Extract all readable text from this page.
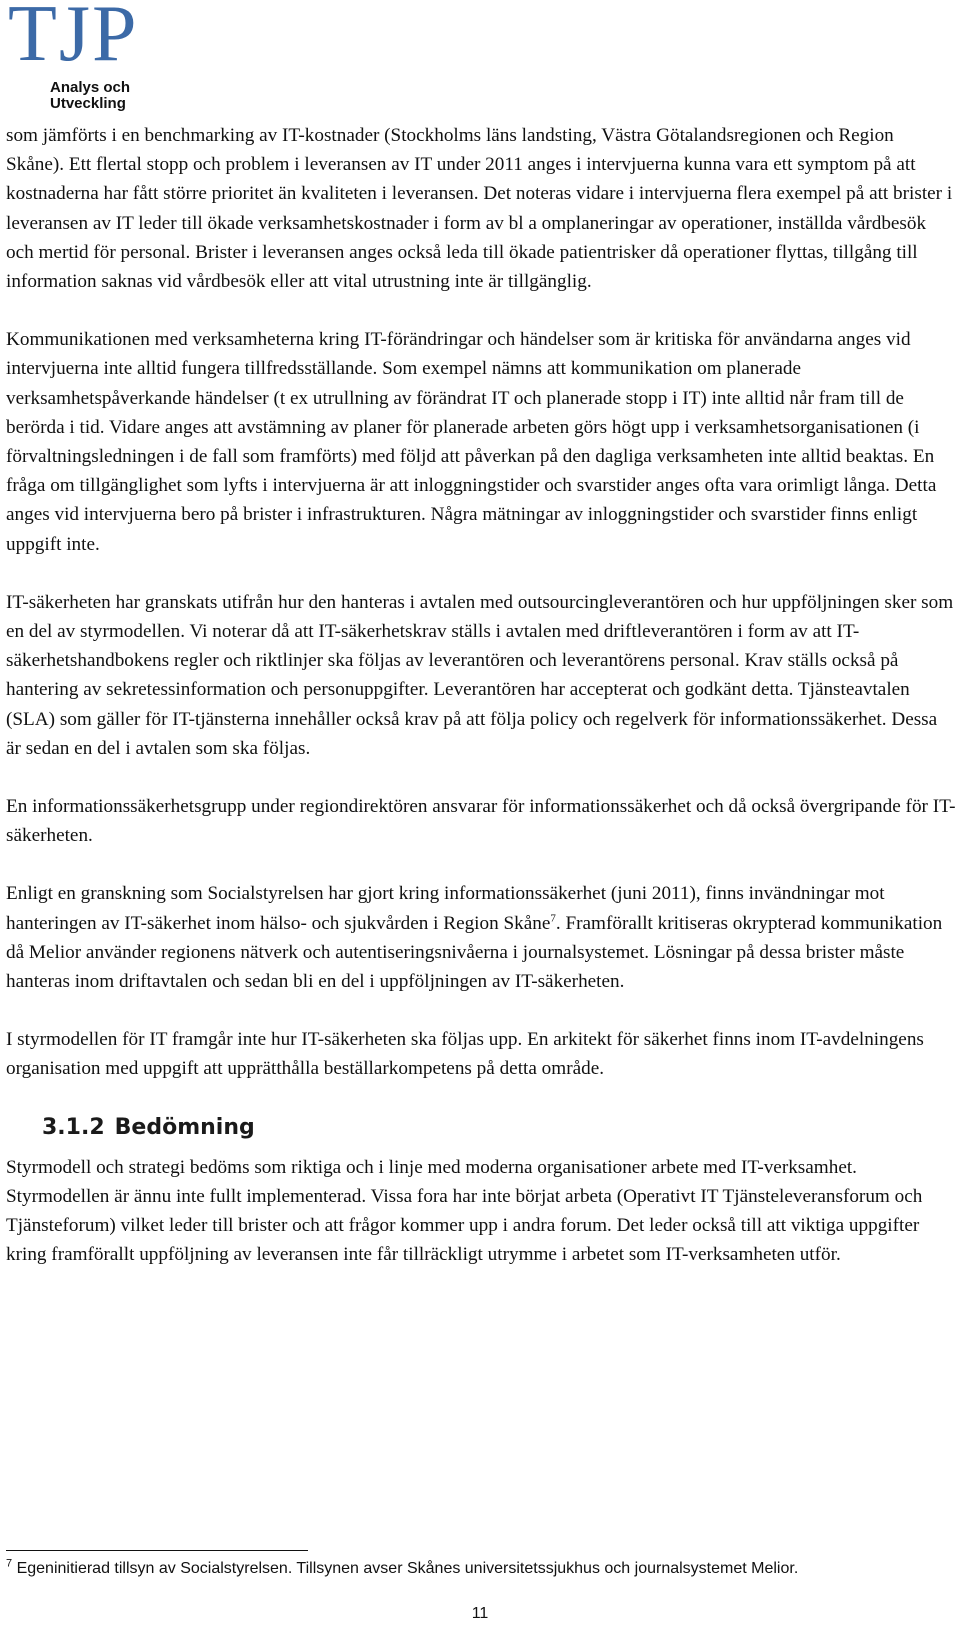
TJP
Analys och
Utveckling

som jämförts i en benchmarking av IT-kostnader (Stockholms läns landsting, Västra Götalandsregionen och Region Skåne). Ett flertal stopp och problem i leveransen av IT under 2011 anges i intervjuerna kunna vara ett symptom på att kostnaderna har fått större prioritet än kvaliteten i leveransen. Det noteras vidare i intervjuerna flera exempel på att brister i leveransen av IT leder till ökade verksamhetskostnader i form av bl a omplaneringar av operationer, inställda vårdbesök och mertid för personal. Brister i leveransen anges också leda till ökade patientrisker då operationer flyttas, tillgång till information saknas vid vårdbesök eller att vital utrustning inte är tillgänglig.

Kommunikationen med verksamheterna kring IT-förändringar och händelser som är kritiska för användarna anges vid intervjuerna inte alltid fungera tillfredsställande. Som exempel nämns att kommunikation om planerade verksamhetspåverkande händelser (t ex utrullning av förändrat IT och planerade stopp i IT) inte alltid når fram till de berörda i tid. Vidare anges att avstämning av planer för planerade arbeten görs högt upp i verksamhetsorganisationen (i förvaltningsledningen i de fall som framförts) med följd att påverkan på den dagliga verksamheten inte alltid beaktas. En fråga om tillgänglighet som lyfts i intervjuerna är att inloggningstider och svarstider anges ofta vara orimligt långa. Detta anges vid intervjuerna bero på brister i infrastrukturen. Några mätningar av inloggningstider och svarstider finns enligt uppgift inte.

IT-säkerheten har granskats utifrån hur den hanteras i avtalen med outsourcingleverantören och hur uppföljningen sker som en del av styrmodellen. Vi noterar då att IT-säkerhetskrav ställs i avtalen med driftleverantören i form av att IT-säkerhetshandbokens regler och riktlinjer ska följas av leverantören och leverantörens personal. Krav ställs också på hantering av sekretessinformation och personuppgifter. Leverantören har accepterat och godkänt detta. Tjänsteavtalen (SLA) som gäller för IT-tjänsterna innehåller också krav på att följa policy och regelverk för informationssäkerhet. Dessa är sedan en del i avtalen som ska följas.

En informationssäkerhetsgrupp under regiondirektören ansvarar för informationssäkerhet och då också övergripande för IT-säkerheten.

Enligt en granskning som Socialstyrelsen har gjort kring informationssäkerhet (juni 2011), finns invändningar mot hanteringen av IT-säkerhet inom hälso- och sjukvården i Region Skåne$^7$. Framförallt kritiseras okrypterad kommunikation då Melior använder regionens nätverk och autentiseringsnivåerna i journalsystemet. Lösningar på dessa brister måste hanteras inom driftavtalen och sedan bli en del i uppföljningen av IT-säkerheten.

I styrmodellen för IT framgår inte hur IT-säkerheten ska följas upp. En arkitekt för säkerhet finns inom IT-avdelningens organisation med uppgift att upprätthålla beställarkompetens på detta område.

3.1.2 Bedömning

Styrmodell och strategi bedöms som riktiga och i linje med moderna organisationer arbete med IT-verksamhet. Styrmodellen är ännu inte fullt implementerad. Vissa fora har inte börjat arbeta (Operativt IT Tjänsteleveransforum och Tjänsteforum) vilket leder till brister och att frågor kommer upp i andra forum. Det leder också till att viktiga uppgifter kring framförallt uppföljning av leveransen inte får tillräckligt utrymme i arbetet som IT-verksamheten utför.

$^7$ Egeninitierad tillsyn av Socialstyrelsen. Tillsynen avser Skånes universitetssjukhus och journalsystemet Melior.
11
